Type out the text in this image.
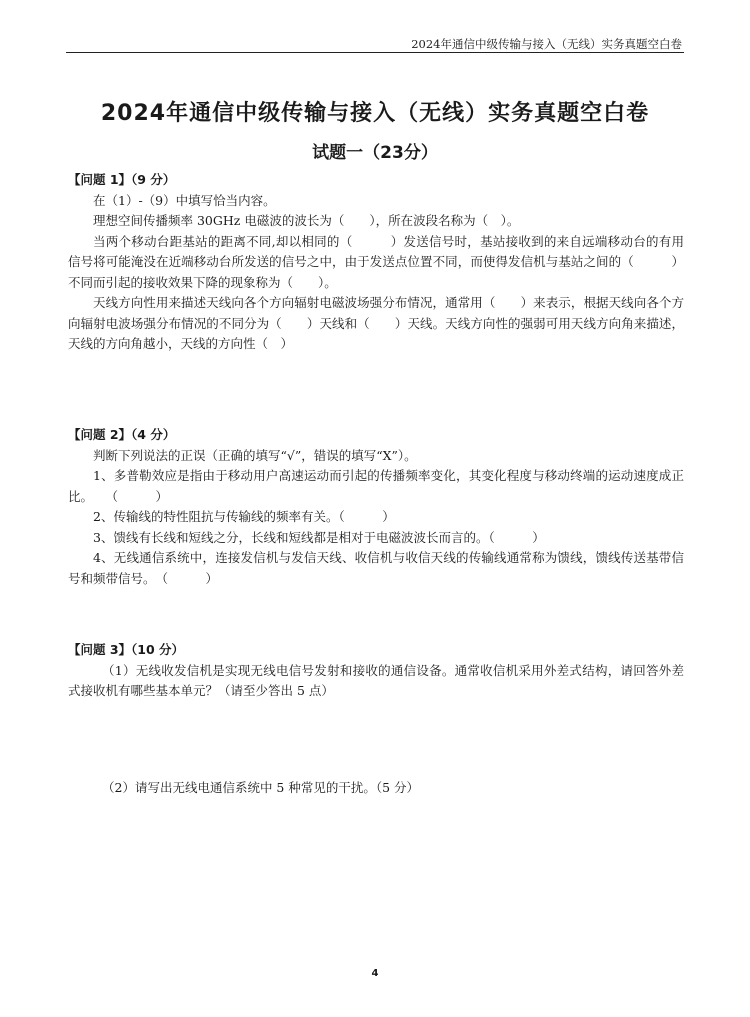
2024年通信中级传输与接入（无线）实务真题空白卷
2024年通信中级传输与接入（无线）实务真题空白卷
试题一（23分）

【问题 1】（9 分）

在（1）-（9）中填写恰当内容。

理想空间传播频率 30GHz 电磁波的波长为（　　），所在波段名称为（　）。

当两个移动台距基站的距离不同,却以相同的（　　　）发送信号时，基站接收到的来自远端移动台的有用信号将可能淹没在近端移动台所发送的信号之中，由于发送点位置不同，而使得发信机与基站之间的（　　　）不同而引起的接收效果下降的现象称为（　　）。

天线方向性用来描述天线向各个方向辐射电磁波场强分布情况，通常用（　　）来表示，根据天线向各个方向辐射电波场强分布情况的不同分为（　　）天线和（　　）天线。天线方向性的强弱可用天线方向角来描述，天线的方向角越小，天线的方向性（　）

【问题 2】（4 分）

判断下列说法的正误（正确的填写“√”，错误的填写“X”）。

1、多普勒效应是指由于移动用户高速运动而引起的传播频率变化，其变化程度与移动终端的运动速度成正比。　　（　　　）

2、传输线的特性阻抗与传输线的频率有关。（　　　）

3、馈线有长线和短线之分，长线和短线都是相对于电磁波波长而言的。（　　　）

4、无线通信系统中，连接发信机与发信天线、收信机与收信天线的传输线通常称为馈线，馈线传送基带信号和频带信号。　（　　　）

【问题 3】（10 分）

（1）无线收发信机是实现无线电信号发射和接收的通信设备。通常收信机采用外差式结构，请回答外差式接收机有哪些基本单元？（请至少答出 5 点）

（2）请写出无线电通信系统中 5 种常见的干扰。（5 分）

4
